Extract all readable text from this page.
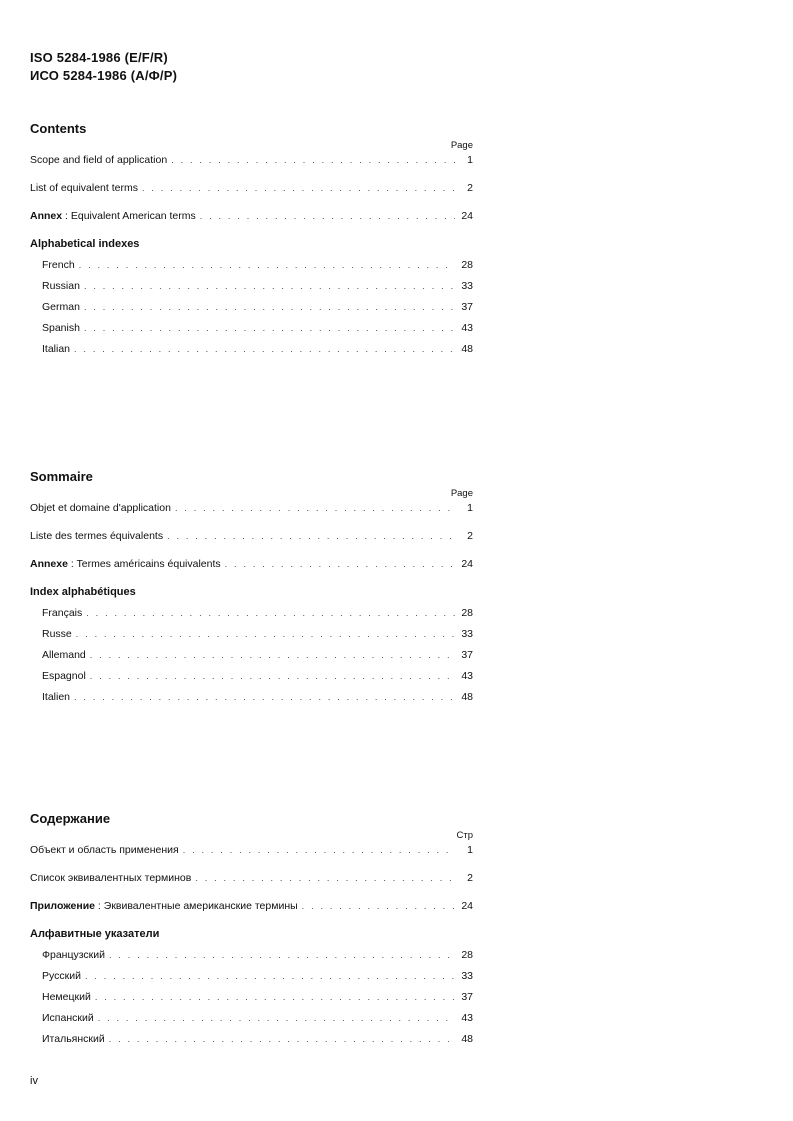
ISO 5284-1986 (E/F/R)
ИСО 5284-1986 (А/Ф/Р)
Contents
Page
Scope and field of application . . .	1
List of equivalent terms . . .	2
Annex : Equivalent American terms . . .	24
Alphabetical indexes
French . . .	28
Russian . . .	33
German . . .	37
Spanish . . .	43
Italian . . .	48
Sommaire
Page
Objet et domaine d'application . . .	1
Liste des termes équivalents . . .	2
Annexe : Termes américains équivalents . . .	24
Index alphabétiques
Français . . .	28
Russe . . .	33
Allemand . . .	37
Espagnol . . .	43
Italien . . .	48
Содержание
Стр
Объект и область применения . . .	1
Список эквивалентных терминов . . .	2
Приложение : Эквивалентные американские термины . . .	24
Алфавитные указатели
Французский . . .	28
Русский . . .	33
Немецкий . . .	37
Испанский . . .	43
Итальянский . . .	48
iv
